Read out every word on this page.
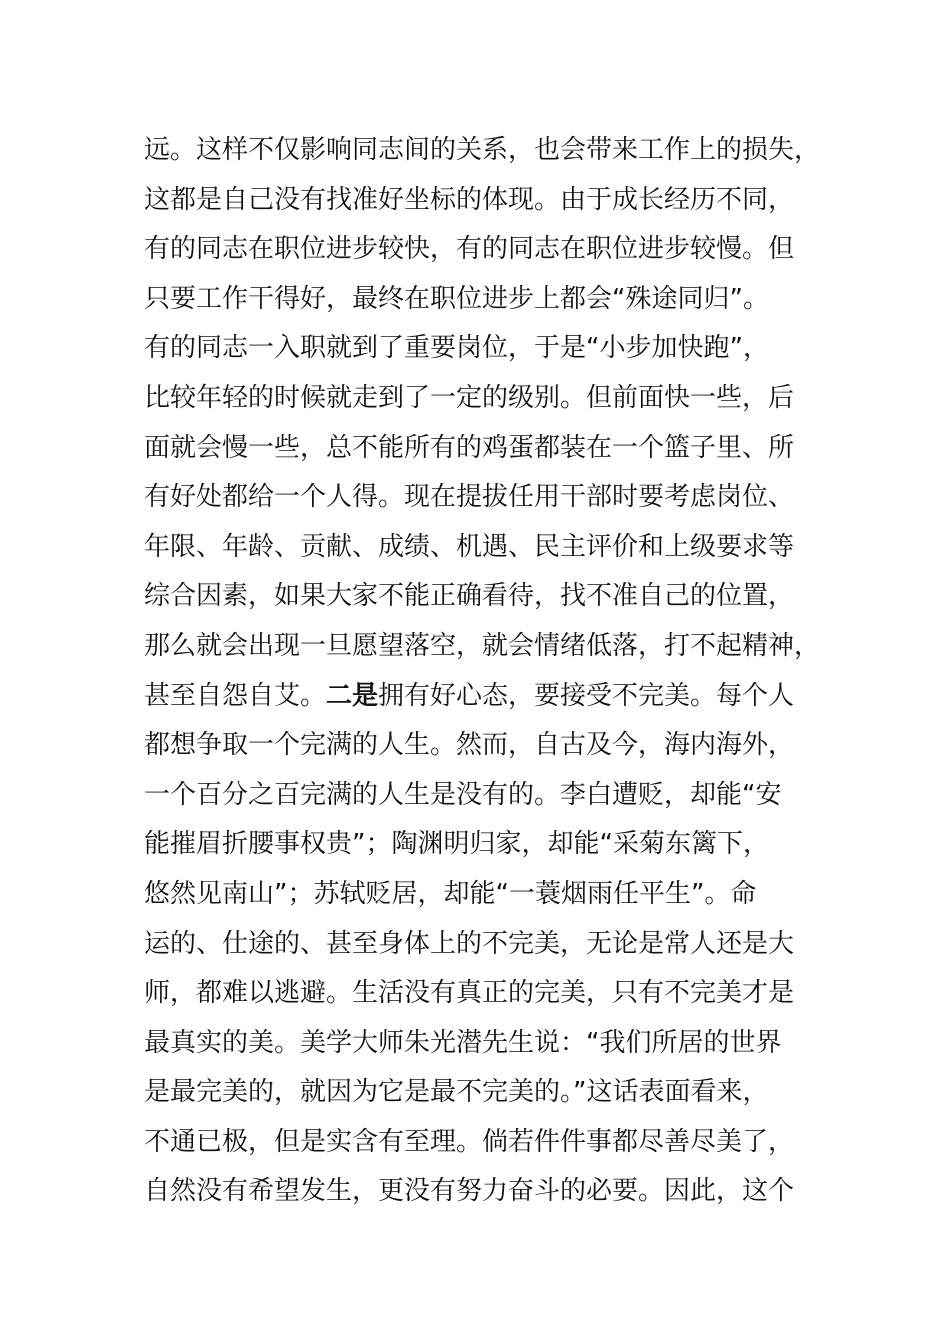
远。这样不仅影响同志间的关系，也会带来工作上的损失，
这都是自己没有找准好坐标的体现。由于成长经历不同，
有的同志在职位进步较快，有的同志在职位进步较慢。但
只要工作干得好，最终在职位进步上都会“殊途同归”。
有的同志一入职就到了重要岗位，于是“小步加快跑”，
比较年轻的时候就走到了一定的级别。但前面快一些，后
面就会慢一些，总不能所有的鸡蛋都装在一个篮子里、所
有好处都给一个人得。现在提拔任用干部时要考虑岗位、
年限、年龄、贡献、成绩、机遇、民主评价和上级要求等
综合因素，如果大家不能正确看待，找不准自己的位置，
那么就会出现一旦愿望落空，就会情绪低落，打不起精神，
甚至自怨自艾。二是拥有好心态，要接受不完美。每个人
都想争取一个完满的人生。然而，自古及今，海内海外，
一个百分之百完满的人生是没有的。李白遭贬，却能“安
能摧眉折腰事权贵”；陶渊明归家，却能“采菊东篱下，
悠然见南山”；苏轼贬居，却能“一蓑烟雨任平生”。命
运的、仕途的、甚至身体上的不完美，无论是常人还是大
师，都难以逃避。生活没有真正的完美，只有不完美才是
最真实的美。美学大师朱光潜先生说：“我们所居的世界
是最完美的，就因为它是最不完美的。”这话表面看来，
不通已极，但是实含有至理。倘若件件事都尽善尽美了，
自然没有希望发生，更没有努力奋斗的必要。因此，这个
